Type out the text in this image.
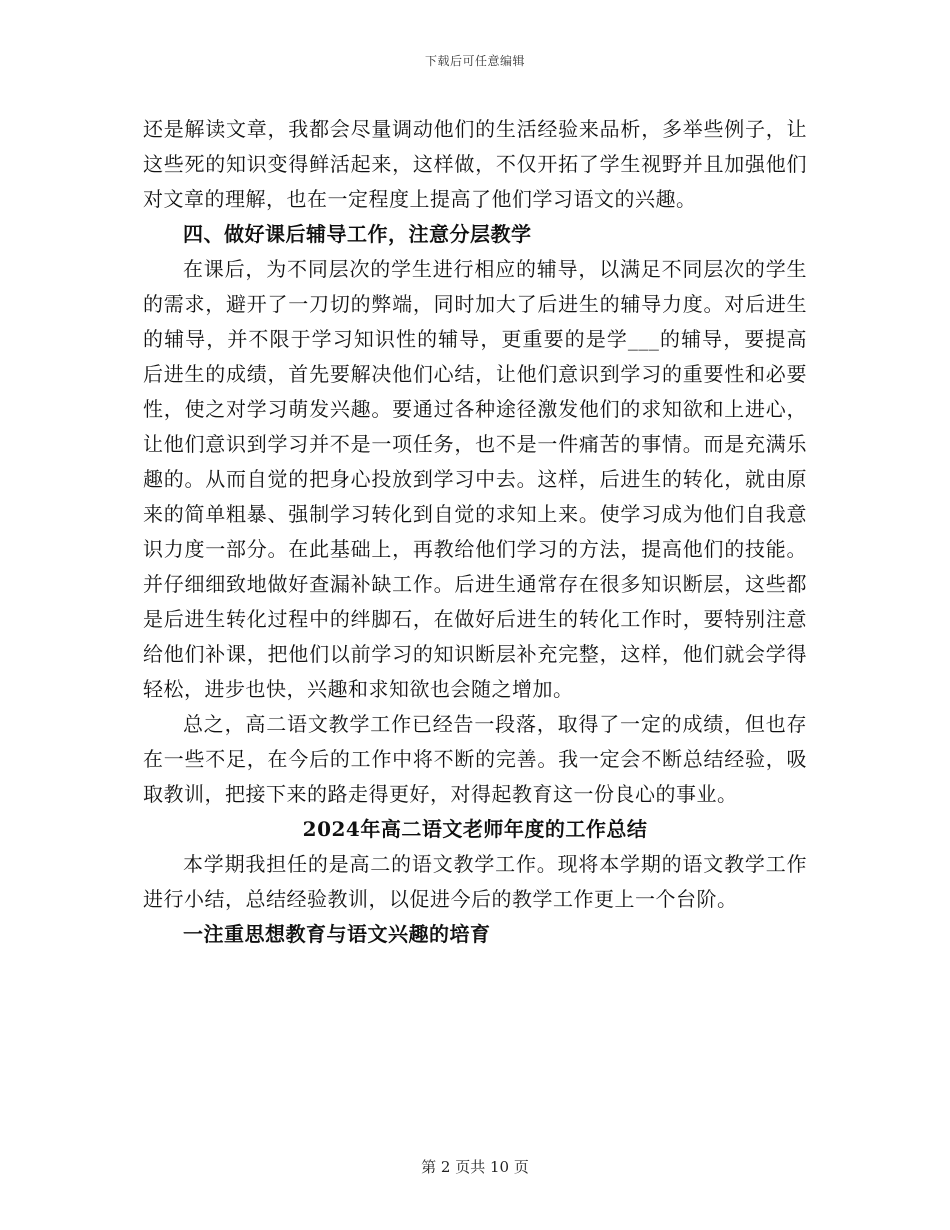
下载后可任意编辑

还是解读文章，我都会尽量调动他们的生活经验来品析，多举些例子，让这些死的知识变得鲜活起来，这样做，不仅开拓了学生视野并且加强他们对文章的理解，也在一定程度上提高了他们学习语文的兴趣。

四、做好课后辅导工作，注意分层教学

在课后，为不同层次的学生进行相应的辅导，以满足不同层次的学生的需求，避开了一刀切的弊端，同时加大了后进生的辅导力度。对后进生的辅导，并不限于学习知识性的辅导，更重要的是学___的辅导，要提高后进生的成绩，首先要解决他们心结，让他们意识到学习的重要性和必要性，使之对学习萌发兴趣。要通过各种途径激发他们的求知欲和上进心，让他们意识到学习并不是一项任务，也不是一件痛苦的事情。而是充满乐趣的。从而自觉的把身心投放到学习中去。这样，后进生的转化，就由原来的简单粗暴、强制学习转化到自觉的求知上来。使学习成为他们自我意识力度一部分。在此基础上，再教给他们学习的方法，提高他们的技能。并仔细细致地做好查漏补缺工作。后进生通常存在很多知识断层，这些都是后进生转化过程中的绊脚石，在做好后进生的转化工作时，要特别注意给他们补课，把他们以前学习的知识断层补充完整，这样，他们就会学得轻松，进步也快，兴趣和求知欲也会随之增加。

总之，高二语文教学工作已经告一段落，取得了一定的成绩，但也存在一些不足，在今后的工作中将不断的完善。我一定会不断总结经验，吸取教训，把接下来的路走得更好，对得起教育这一份良心的事业。

2024年高二语文老师年度的工作总结

本学期我担任的是高二的语文教学工作。现将本学期的语文教学工作进行小结，总结经验教训，以促进今后的教学工作更上一个台阶。

一注重思想教育与语文兴趣的培育

第 2 页共 10 页
